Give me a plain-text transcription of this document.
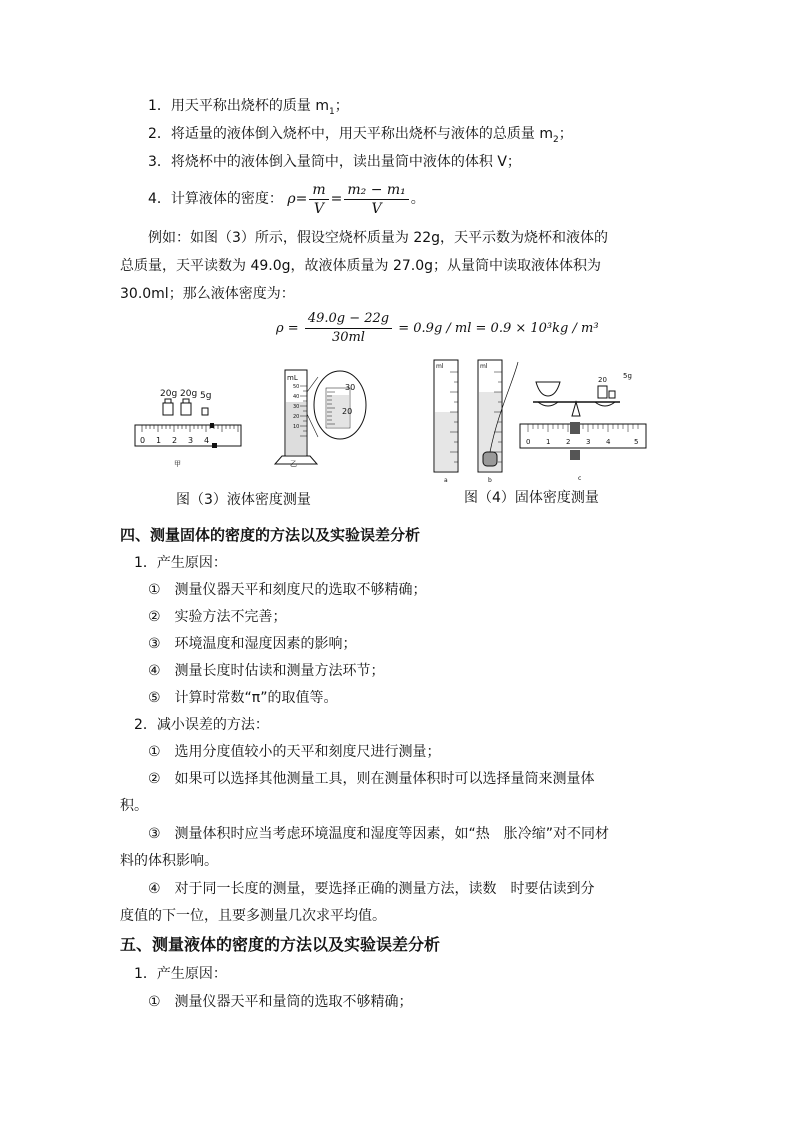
1．用天平称出烧杯的质量 $m_1$；
2．将适量的液体倒入烧杯中，用天平称出烧杯与液体的总质量 $m_2$；
3．将烧杯中的液体倒入量筒中，读出量筒中液体的体积 V；
4．计算液体的密度： $\rho= \frac{m}{V} = \frac{\text{m₂ − m₁}}{V}$ 。
例如：如图（3）所示，假设空烧杯质量为 22g，天平示数为烧杯和液体的
总质量，天平读数为 49.0g，故液体质量为 27.0g；从量筒中读取液体体积为
30.0ml；那么液体密度为：
$\rho = \frac{49.0g - 22g}{30ml} = 0.9g$ / ml = 0.9 × 10³kg / m³
20g 20g 5g
0 1 2 3 4
mL
50
40
30
20
10
30
20
甲	乙
图（3）液体密度测量
ml	ml
a	b
20 5g
0 1 2 3 4	5
c
图（4）固体密度测量
四、测量固体的密度的方法以及实验误差分析
1．产生原因：
①　测量仪器天平和刻度尺的选取不够精确；
②　实验方法不完善；
③　环境温度和湿度因素的影响；
④　测量长度时估读和测量方法环节；
⑤　计算时常数“π”的取值等。
2．减小误差的方法：
①　选用分度值较小的天平和刻度尺进行测量；
②　如果可以选择其他测量工具，则在测量体积时可以选择量筒来测量体
积。
③　测量体积时应当考虑环境温度和湿度等因素，如“热　胀冷缩”对不同材
料的体积影响。
④　对于同一长度的测量，要选择正确的测量方法，读数　时要估读到分
度值的下一位，且要多测量几次求平均值。
五、测量液体的密度的方法以及实验误差分析
1．产生原因：
①　测量仪器天平和量筒的选取不够精确；
